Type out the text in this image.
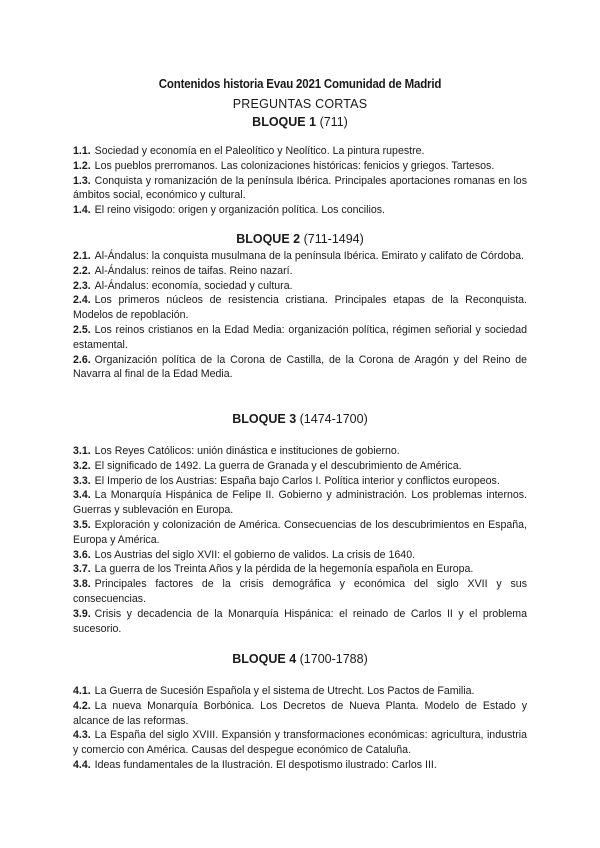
Contenidos historia Evau 2021 Comunidad de Madrid
PREGUNTAS CORTAS
BLOQUE 1 (711)
1.1. Sociedad y economía en el Paleolítico y Neolítico. La pintura rupestre.
1.2. Los pueblos prerromanos. Las colonizaciones históricas: fenicios y griegos. Tartesos.
1.3. Conquista y romanización de la península Ibérica. Principales aportaciones romanas en los ámbitos social, económico y cultural.
1.4. El reino visigodo: origen y organización política. Los concilios.
BLOQUE 2 (711-1494)
2.1. Al-Ándalus: la conquista musulmana de la península Ibérica. Emirato y califato de Córdoba.
2.2. Al-Ándalus: reinos de taifas. Reino nazarí.
2.3. Al-Ándalus: economía, sociedad y cultura.
2.4. Los primeros núcleos de resistencia cristiana. Principales etapas de la Reconquista. Modelos de repoblación.
2.5. Los reinos cristianos en la Edad Media: organización política, régimen señorial y sociedad estamental.
2.6. Organización política de la Corona de Castilla, de la Corona de Aragón y del Reino de Navarra al final de la Edad Media.
BLOQUE 3 (1474-1700)
3.1. Los Reyes Católicos: unión dinástica e instituciones de gobierno.
3.2. El significado de 1492. La guerra de Granada y el descubrimiento de América.
3.3. El Imperio de los Austrias: España bajo Carlos I. Política interior y conflictos europeos.
3.4. La Monarquía Hispánica de Felipe II. Gobierno y administración. Los problemas internos. Guerras y sublevación en Europa.
3.5. Exploración y colonización de América. Consecuencias de los descubrimientos en España, Europa y América.
3.6. Los Austrias del siglo XVII: el gobierno de validos. La crisis de 1640.
3.7. La guerra de los Treinta Años y la pérdida de la hegemonía española en Europa.
3.8. Principales factores de la crisis demográfica y económica del siglo XVII y sus consecuencias.
3.9. Crisis y decadencia de la Monarquía Hispánica: el reinado de Carlos II y el problema sucesorio.
BLOQUE 4 (1700-1788)
4.1. La Guerra de Sucesión Española y el sistema de Utrecht. Los Pactos de Familia.
4.2. La nueva Monarquía Borbónica. Los Decretos de Nueva Planta. Modelo de Estado y alcance de las reformas.
4.3. La España del siglo XVIII. Expansión y transformaciones económicas: agricultura, industria y comercio con América. Causas del despegue económico de Cataluña.
4.4. Ideas fundamentales de la Ilustración. El despotismo ilustrado: Carlos III.
